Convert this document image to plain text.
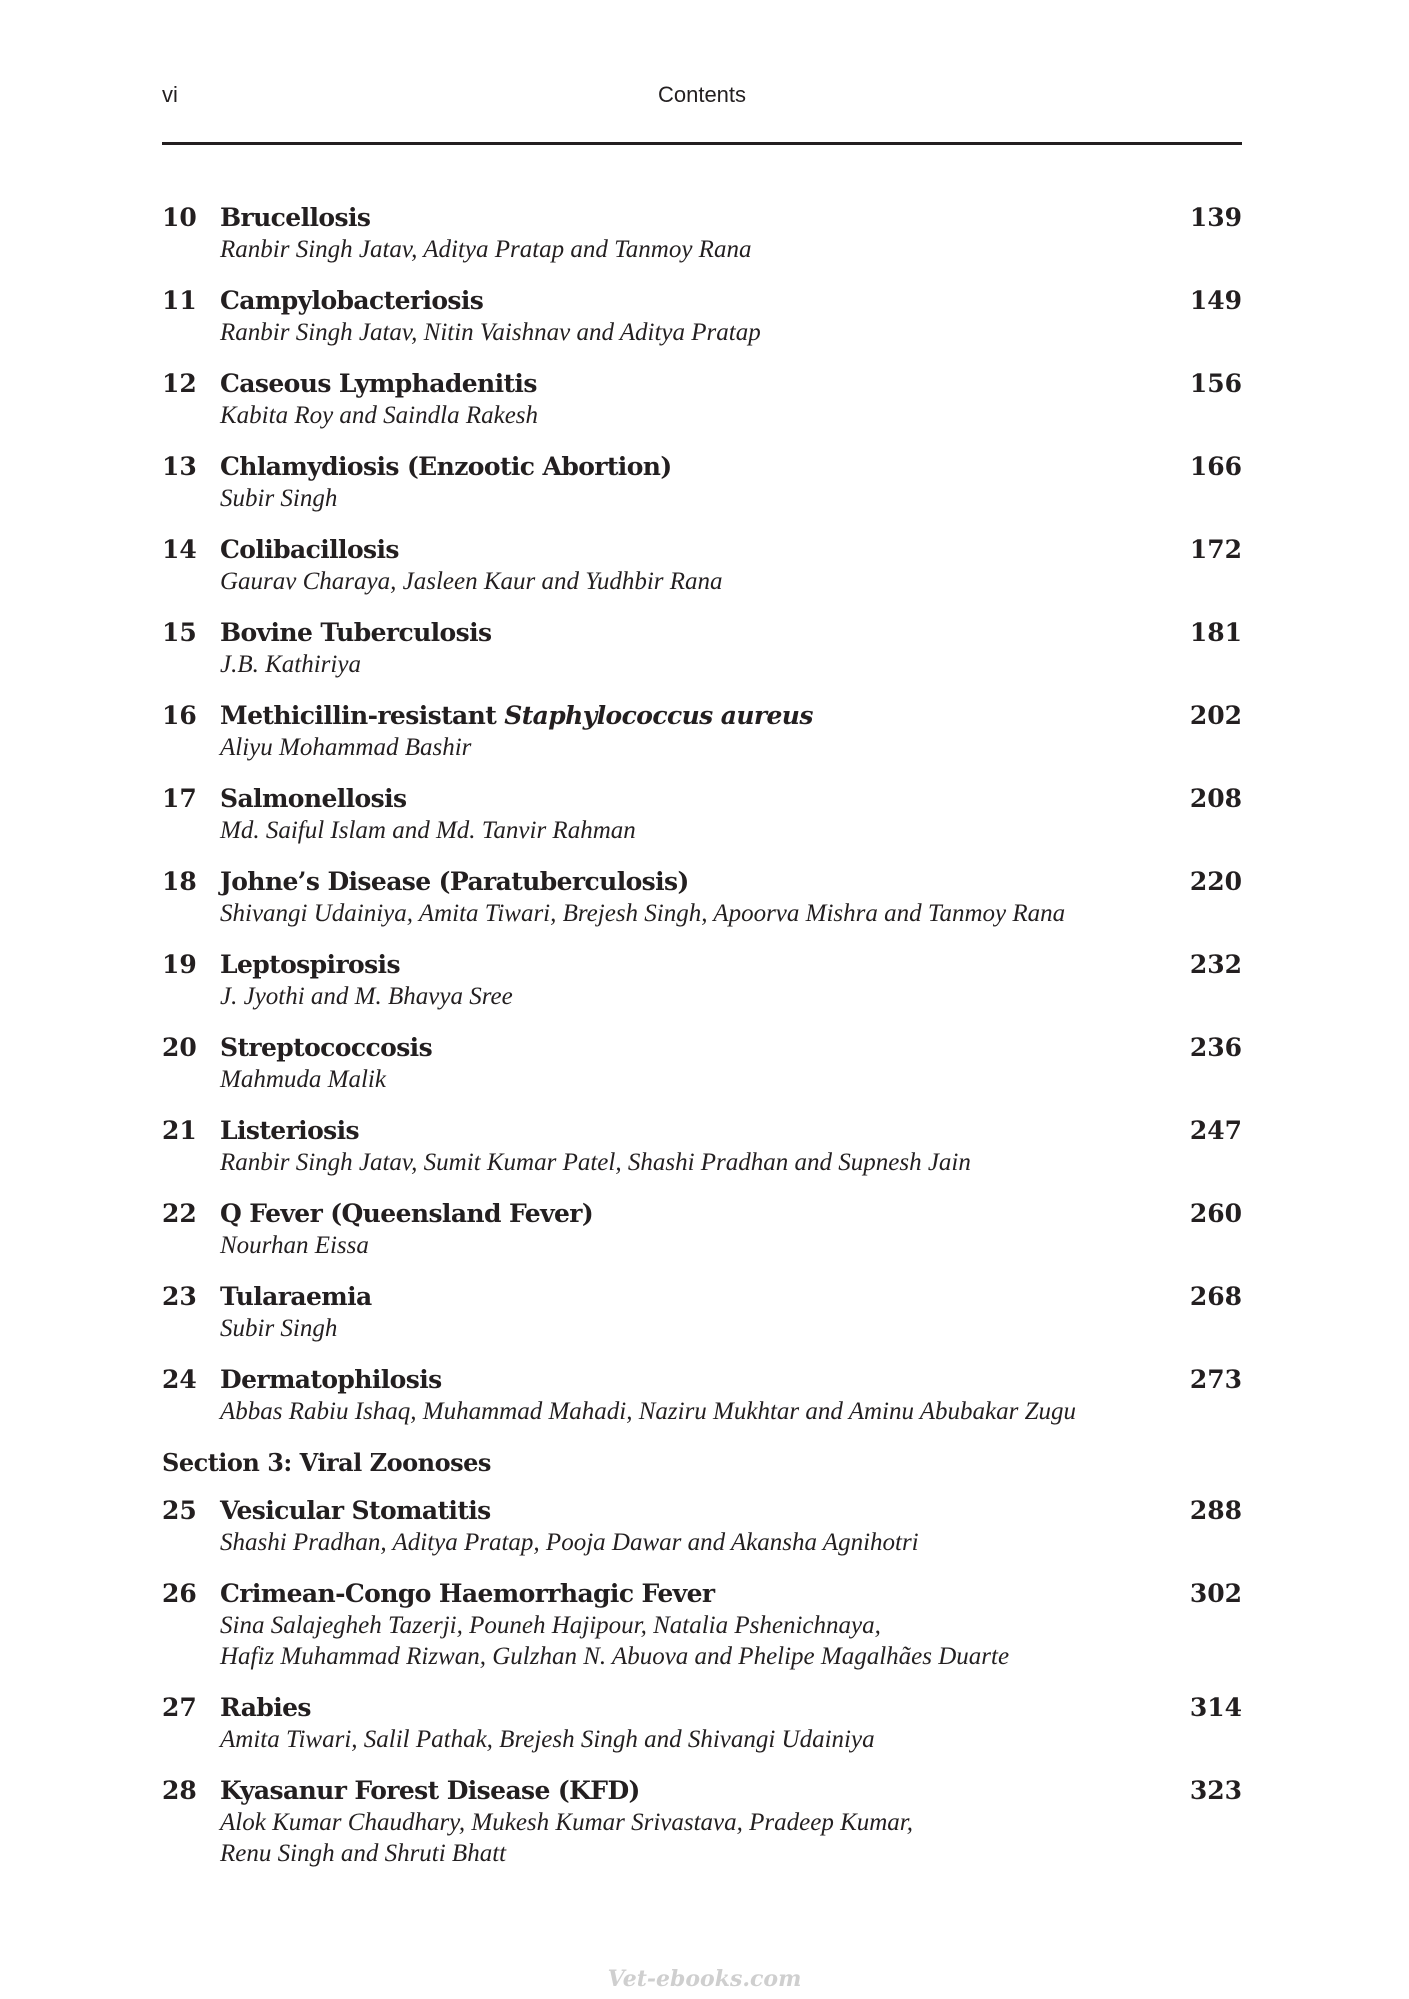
vi	Contents
10 Brucellosis	139
Ranbir Singh Jatav, Aditya Pratap and Tanmoy Rana
11 Campylobacteriosis	149
Ranbir Singh Jatav, Nitin Vaishnav and Aditya Pratap
12 Caseous Lymphadenitis	156
Kabita Roy and Saindla Rakesh
13 Chlamydiosis (Enzootic Abortion)	166
Subir Singh
14 Colibacillosis	172
Gaurav Charaya, Jasleen Kaur and Yudhbir Rana
15 Bovine Tuberculosis	181
J.B. Kathiriya
16 Methicillin-resistant Staphylococcus aureus	202
Aliyu Mohammad Bashir
17 Salmonellosis	208
Md. Saiful Islam and Md. Tanvir Rahman
18 Johne’s Disease (Paratuberculosis)	220
Shivangi Udainiya, Amita Tiwari, Brejesh Singh, Apoorva Mishra and Tanmoy Rana
19 Leptospirosis	232
J. Jyothi and M. Bhavya Sree
20 Streptococcosis	236
Mahmuda Malik
21 Listeriosis	247
Ranbir Singh Jatav, Sumit Kumar Patel, Shashi Pradhan and Supnesh Jain
22 Q Fever (Queensland Fever)	260
Nourhan Eissa
23 Tularaemia	268
Subir Singh
24 Dermatophilosis	273
Abbas Rabiu Ishaq, Muhammad Mahadi, Naziru Mukhtar and Aminu Abubakar Zugu
Section 3: Viral Zoonoses
25 Vesicular Stomatitis	288
Shashi Pradhan, Aditya Pratap, Pooja Dawar and Akansha Agnihotri
26 Crimean-Congo Haemorrhagic Fever	302
Sina Salajegheh Tazerji, Pouneh Hajipour, Natalia Pshenichnaya,
Hafiz Muhammad Rizwan, Gulzhan N. Abuova and Phelipe Magalhães Duarte
27 Rabies	314
Amita Tiwari, Salil Pathak, Brejesh Singh and Shivangi Udainiya
28 Kyasanur Forest Disease (KFD)	323
Alok Kumar Chaudhary, Mukesh Kumar Srivastava, Pradeep Kumar,
Renu Singh and Shruti Bhatt
Vet-ebooks.com
